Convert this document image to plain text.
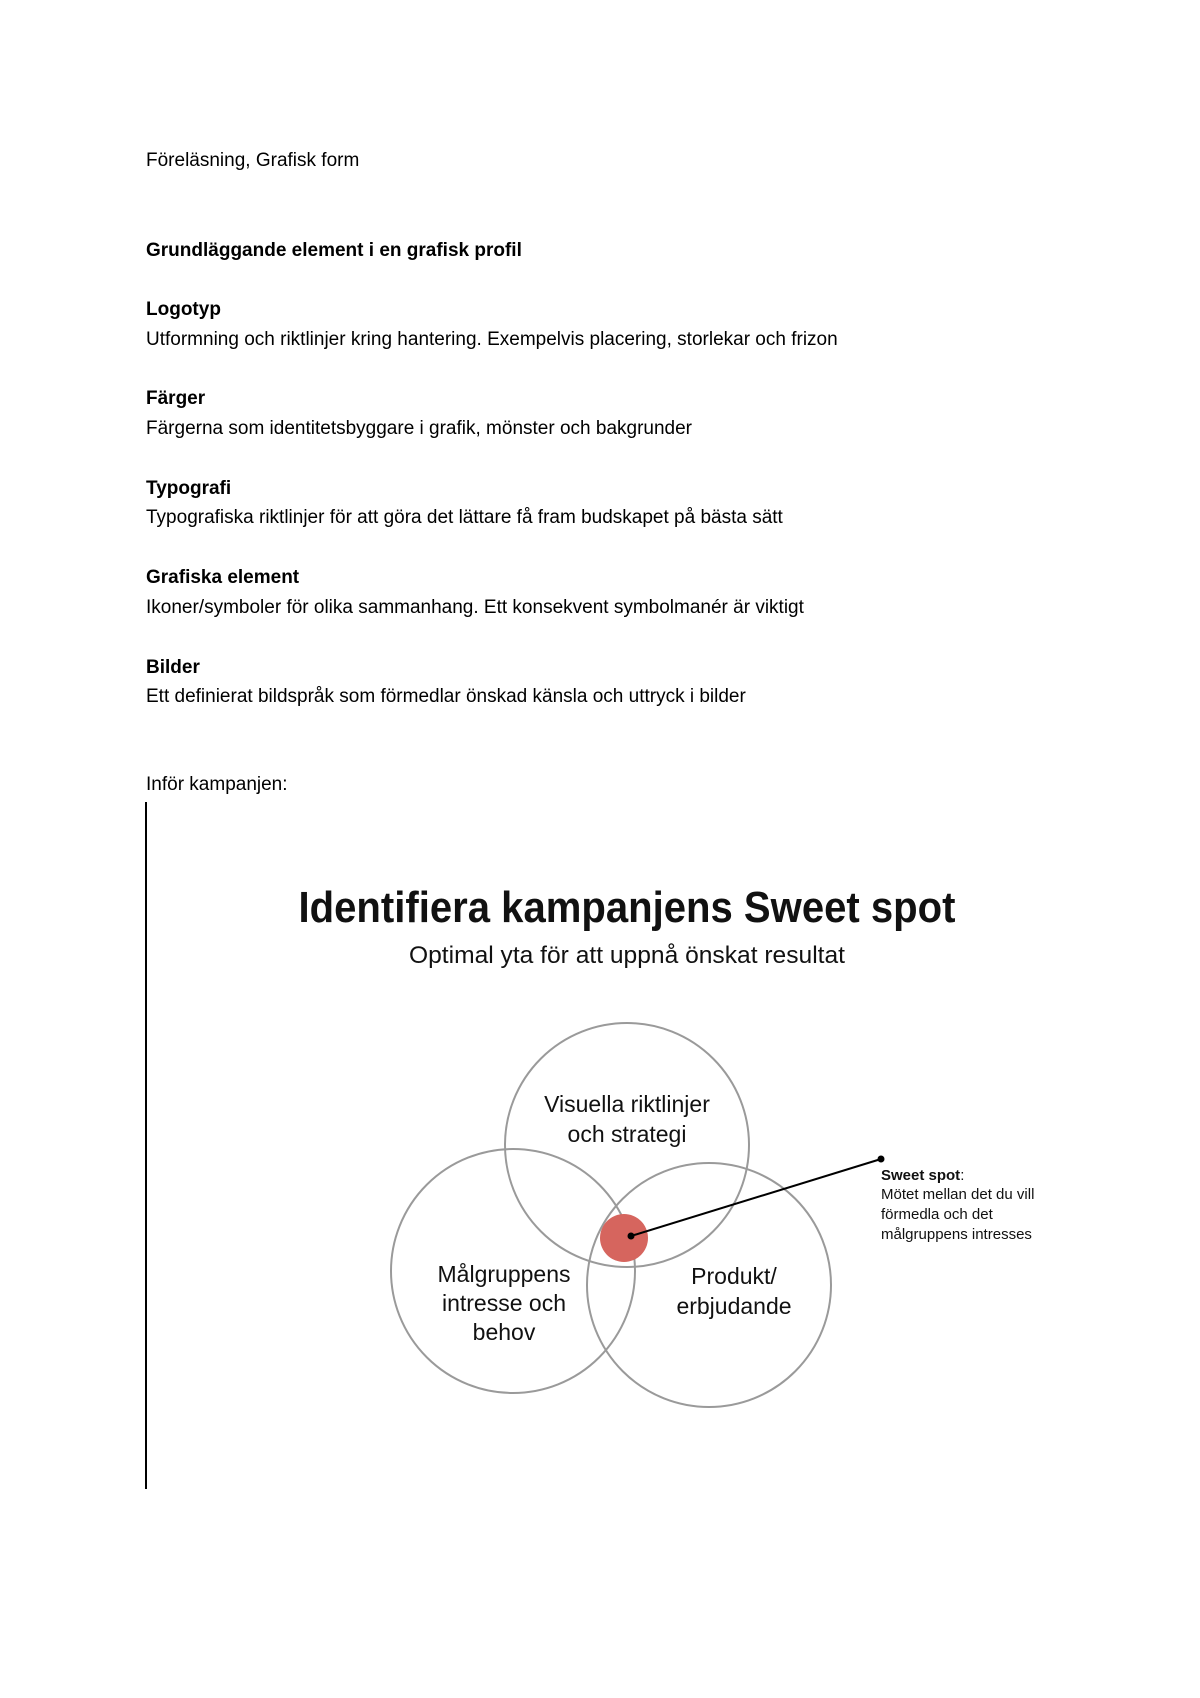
Föreläsning, Grafisk form
Grundläggande element i en grafisk profil
Logotyp
Utformning och riktlinjer kring hantering. Exempelvis placering, storlekar och frizon
Färger
Färgerna som identitetsbyggare i grafik, mönster och bakgrunder
Typografi
Typografiska riktlinjer för att göra det lättare få fram budskapet på bästa sätt
Grafiska element
Ikoner/symboler för olika sammanhang. Ett konsekvent symbolmanér är viktigt
Bilder
Ett definierat bildspråk som förmedlar önskad känsla och uttryck i bilder
Inför kampanjen:
Identifiera kampanjens Sweet spot
Optimal yta för att uppnå önskat resultat
Visuella riktlinjer
och strategi
Målgruppens
intresse och
behov
Produkt/
erbjudande
Sweet spot:
Mötet mellan det du vill
förmedla och det
målgruppens intresses
